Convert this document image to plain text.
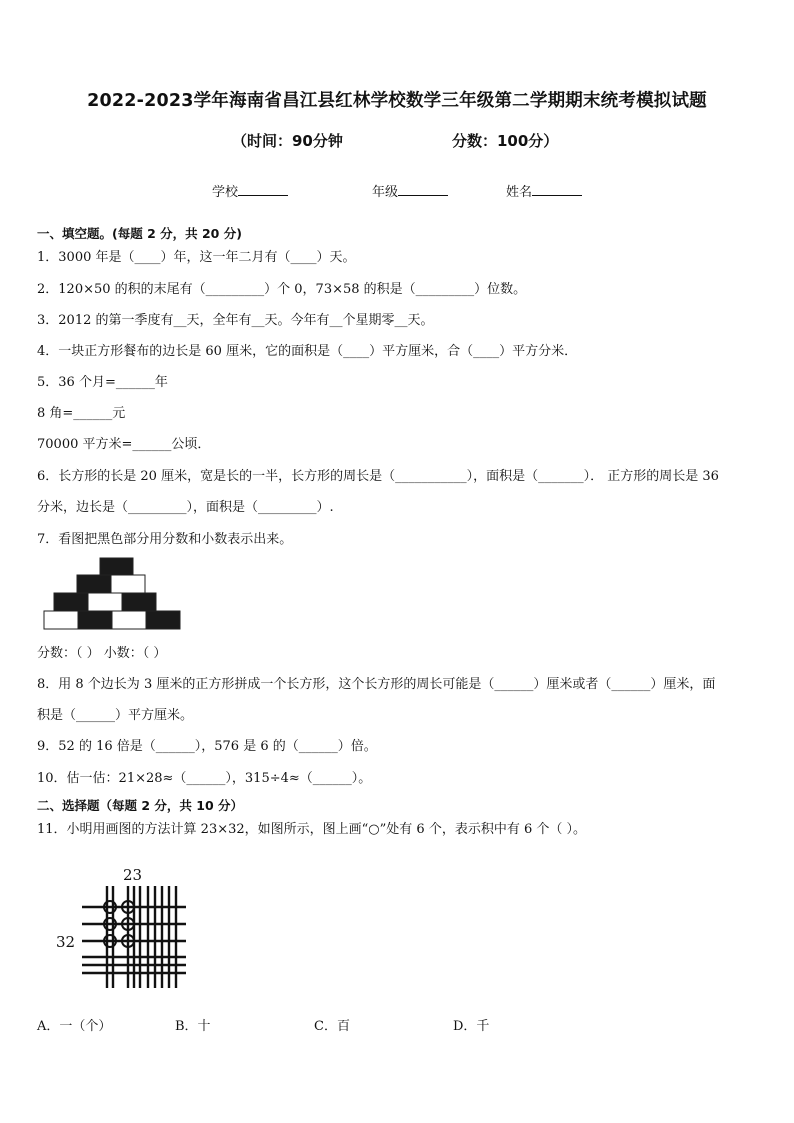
2022-2023学年海南省昌江县红林学校数学三年级第二学期期末统考模拟试题
（时间：90分钟	分数：100分）
学校	年级	姓名
一、填空题。(每题 2 分，共 20 分)
1．3000 年是（____）年，这一年二月有（____）天。
2．120×50 的积的末尾有（_________）个 0，73×58 的积是（_________）位数。
3．2012 的第一季度有__天，全年有__天。今年有__个星期零__天。
4．一块正方形餐布的边长是 60 厘米，它的面积是（____）平方厘米，合（____）平方分米．
5．36 个月=______年
8 角=______元
70000 平方米=______公顷．
6．长方形的长是 20 厘米，宽是长的一半，长方形的周长是（___________），面积是（_______）． 正方形的周长是 36
分米，边长是（_________），面积是（_________）.
7．看图把黑色部分用分数和小数表示出来。
分数：（ ） 小数：（ ）
8．用 8 个边长为 3 厘米的正方形拼成一个长方形，这个长方形的周长可能是（______）厘米或者（______）厘米，面
积是（______）平方厘米。
9．52 的 16 倍是（______），576 是 6 的（______）倍。
10．估一估：21×28≈（______），315÷4≈（______）。
二、选择题（每题 2 分，共 10 分）
11．小明用画图的方法计算 23×32，如图所示，图上画“○”处有 6 个，表示积中有 6 个（ ）。
23
32
A．一（个）	B．十	C．百	D．千
